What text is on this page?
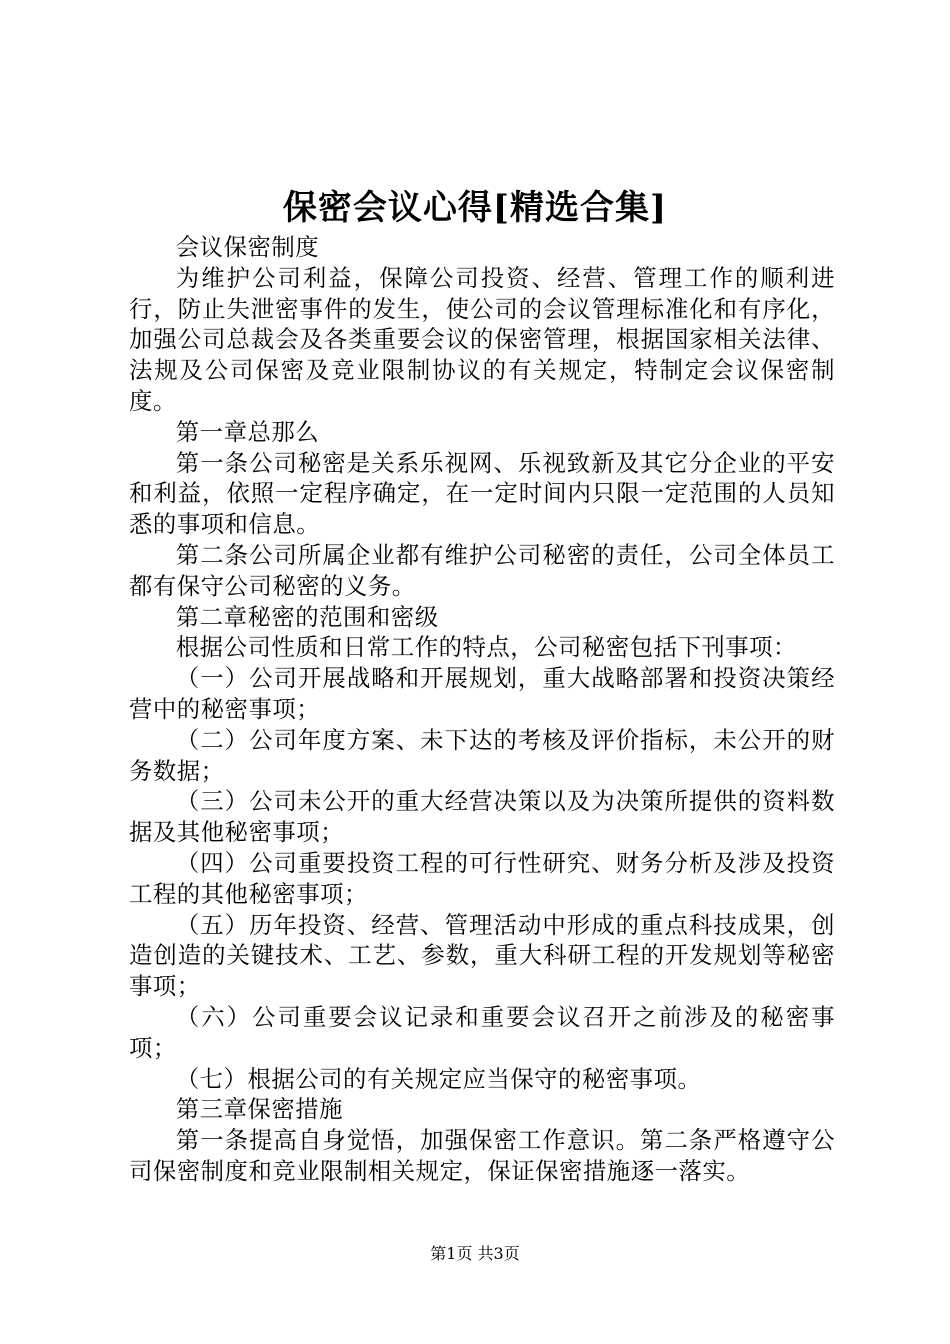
保密会议心得[精选合集]

会议保密制度

为维护公司利益，保障公司投资、经营、管理工作的顺利进行，防止失泄密事件的发生，使公司的会议管理标准化和有序化，加强公司总裁会及各类重要会议的保密管理，根据国家相关法律、法规及公司保密及竞业限制协议的有关规定，特制定会议保密制度。

第一章总那么

第一条公司秘密是关系乐视网、乐视致新及其它分企业的平安和利益，依照一定程序确定，在一定时间内只限一定范围的人员知悉的事项和信息。

第二条公司所属企业都有维护公司秘密的责任，公司全体员工都有保守公司秘密的义务。

第二章秘密的范围和密级

根据公司性质和日常工作的特点，公司秘密包括下刊事项：

（一）公司开展战略和开展规划，重大战略部署和投资决策经营中的秘密事项；

（二）公司年度方案、未下达的考核及评价指标，未公开的财务数据；

（三）公司未公开的重大经营决策以及为决策所提供的资料数据及其他秘密事项；

（四）公司重要投资工程的可行性研究、财务分析及涉及投资工程的其他秘密事项；

（五）历年投资、经营、管理活动中形成的重点科技成果，创造创造的关键技术、工艺、参数，重大科研工程的开发规划等秘密事项；

（六）公司重要会议记录和重要会议召开之前涉及的秘密事项；

（七）根据公司的有关规定应当保守的秘密事项。

第三章保密措施

第一条提高自身觉悟，加强保密工作意识。第二条严格遵守公司保密制度和竞业限制相关规定，保证保密措施逐一落实。

第1页 共3页
